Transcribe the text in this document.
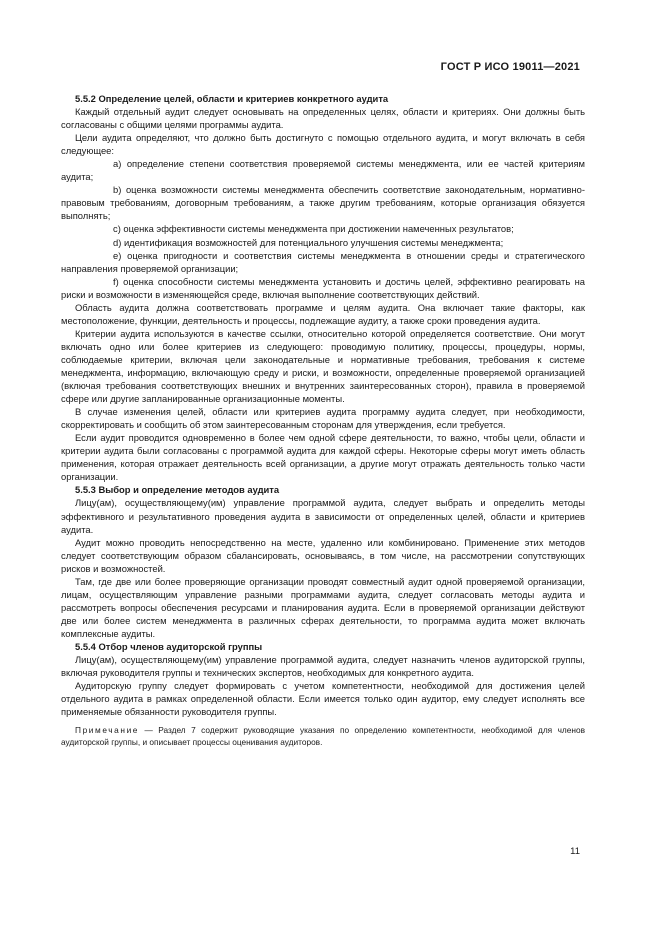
ГОСТ Р ИСО 19011—2021

5.5.2 Определение целей, области и критериев конкретного аудита

Каждый отдельный аудит следует основывать на определенных целях, области и критериях. Они должны быть согласованы с общими целями программы аудита.

Цели аудита определяют, что должно быть достигнуто с помощью отдельного аудита, и могут включать в себя следующее:

а) определение степени соответствия проверяемой системы менеджмента, или ее частей критериям аудита;

b) оценка возможности системы менеджмента обеспечить соответствие законодательным, нормативно-правовым требованиям, договорным требованиям, а также другим требованиям, которые организация обязуется выполнять;

с) оценка эффективности системы менеджмента при достижении намеченных результатов;

d) идентификация возможностей для потенциального улучшения системы менеджмента;

е) оценка пригодности и соответствия системы менеджмента в отношении среды и стратегического направления проверяемой организации;

f) оценка способности системы менеджмента установить и достичь целей, эффективно реагировать на риски и возможности в изменяющейся среде, включая выполнение соответствующих действий.

Область аудита должна соответствовать программе и целям аудита. Она включает такие факторы, как местоположение, функции, деятельность и процессы, подлежащие аудиту, а также сроки проведения аудита.

Критерии аудита используются в качестве ссылки, относительно которой определяется соответствие. Они могут включать одно или более критериев из следующего: проводимую политику, процессы, процедуры, нормы, соблюдаемые критерии, включая цели законодательные и нормативные требования, требования к системе менеджмента, информацию, включающую среду и риски, и возможности, определенные проверяемой организацией (включая требования соответствующих внешних и внутренних заинтересованных сторон), правила в проверяемой сфере или другие запланированные организационные моменты.

В случае изменения целей, области или критериев аудита программу аудита следует, при необходимости, скорректировать и сообщить об этом заинтересованным сторонам для утверждения, если требуется.

Если аудит проводится одновременно в более чем одной сфере деятельности, то важно, чтобы цели, области и критерии аудита были согласованы с программой аудита для каждой сферы. Некоторые сферы могут иметь область применения, которая отражает деятельность всей организации, а другие могут отражать деятельность только части организации.

5.5.3 Выбор и определение методов аудита

Лицу(ам), осуществляющему(им) управление программой аудита, следует выбрать и определить методы эффективного и результативного проведения аудита в зависимости от определенных целей, области и критериев аудита.

Аудит можно проводить непосредственно на месте, удаленно или комбинировано. Применение этих методов следует соответствующим образом сбалансировать, основываясь, в том числе, на рассмотрении сопутствующих рисков и возможностей.

Там, где две или более проверяющие организации проводят совместный аудит одной проверяемой организации, лицам, осуществляющим управление разными программами аудита, следует согласовать методы аудита и рассмотреть вопросы обеспечения ресурсами и планирования аудита. Если в проверяемой организации действуют две или более систем менеджмента в различных сферах деятельности, то программа аудита может включать комплексные аудиты.

5.5.4 Отбор членов аудиторской группы

Лицу(ам), осуществляющему(им) управление программой аудита, следует назначить членов аудиторской группы, включая руководителя группы и технических экспертов, необходимых для конкретного аудита.

Аудиторскую группу следует формировать с учетом компетентности, необходимой для достижения целей отдельного аудита в рамках определенной области. Если имеется только один аудитор, ему следует исполнять все применяемые обязанности руководителя группы.

Примечание — Раздел 7 содержит руководящие указания по определению компетентности, необходимой для членов аудиторской группы, и описывает процессы оценивания аудиторов.

11
